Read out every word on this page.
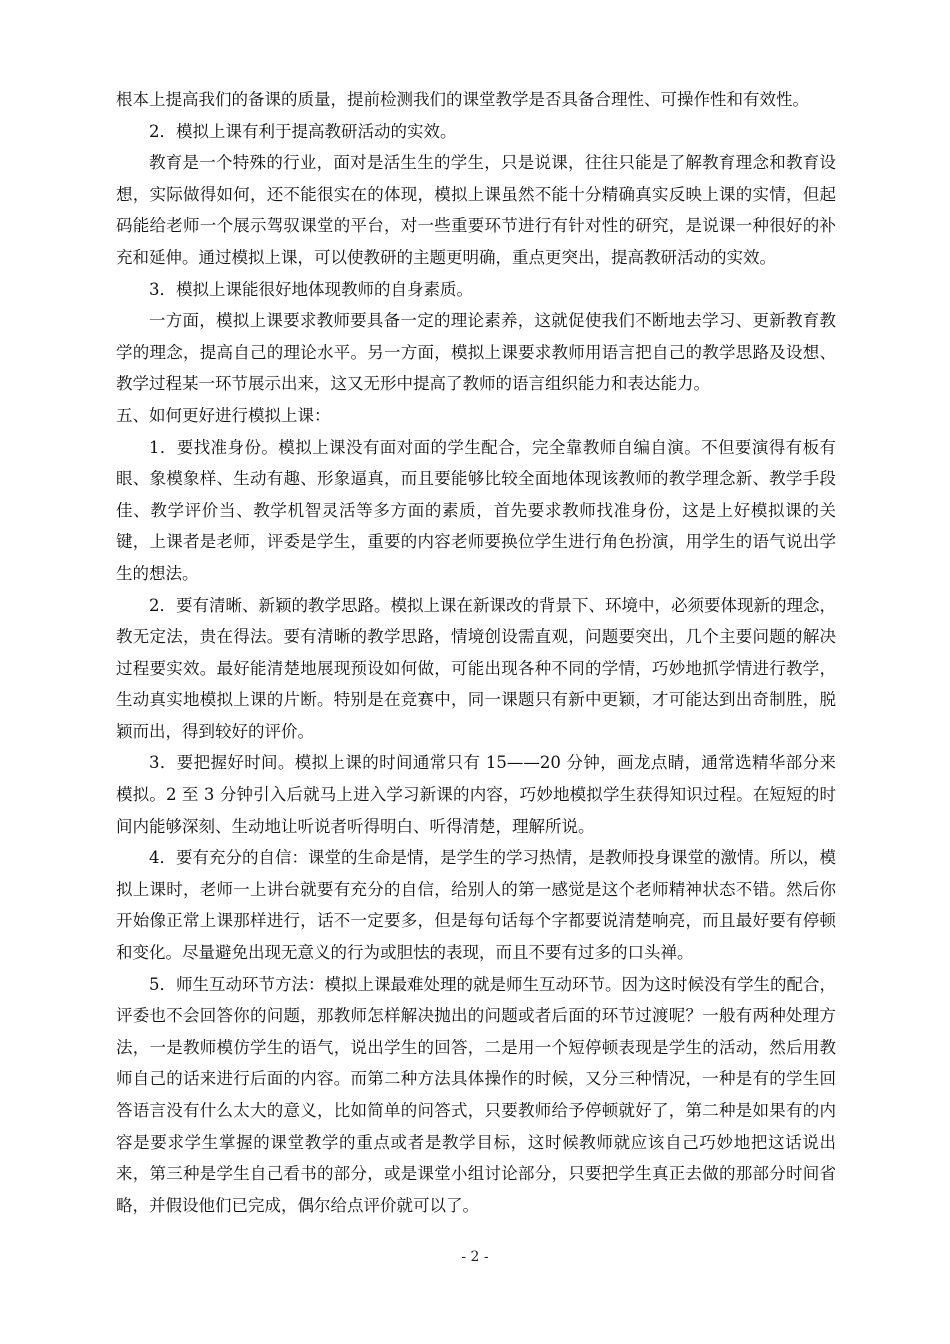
根本上提高我们的备课的质量，提前检测我们的课堂教学是否具备合理性、可操作性和有效性。

2．模拟上课有利于提高教研活动的实效。

教育是一个特殊的行业，面对是活生生的学生，只是说课，往往只能是了解教育理念和教育设想，实际做得如何，还不能很实在的体现，模拟上课虽然不能十分精确真实反映上课的实情，但起码能给老师一个展示驾驭课堂的平台，对一些重要环节进行有针对性的研究，是说课一种很好的补充和延伸。通过模拟上课，可以使教研的主题更明确，重点更突出，提高教研活动的实效。

3．模拟上课能很好地体现教师的自身素质。

一方面，模拟上课要求教师要具备一定的理论素养，这就促使我们不断地去学习、更新教育教学的理念，提高自己的理论水平。另一方面，模拟上课要求教师用语言把自己的教学思路及设想、教学过程某一环节展示出来，这又无形中提高了教师的语言组织能力和表达能力。

五、如何更好进行模拟上课：

1．要找准身份。模拟上课没有面对面的学生配合，完全靠教师自编自演。不但要演得有板有眼、象模象样、生动有趣、形象逼真，而且要能够比较全面地体现该教师的教学理念新、教学手段佳、教学评价当、教学机智灵活等多方面的素质，首先要求教师找准身份，这是上好模拟课的关键，上课者是老师，评委是学生，重要的内容老师要换位学生进行角色扮演，用学生的语气说出学生的想法。

2．要有清晰、新颖的教学思路。模拟上课在新课改的背景下、环境中，必须要体现新的理念，教无定法，贵在得法。要有清晰的教学思路，情境创设需直观，问题要突出，几个主要问题的解决过程要实效。最好能清楚地展现预设如何做，可能出现各种不同的学情，巧妙地抓学情进行教学，生动真实地模拟上课的片断。特别是在竞赛中，同一课题只有新中更颖，才可能达到出奇制胜，脱颖而出，得到较好的评价。

3．要把握好时间。模拟上课的时间通常只有 15——20 分钟，画龙点睛，通常选精华部分来模拟。2 至 3 分钟引入后就马上进入学习新课的内容，巧妙地模拟学生获得知识过程。在短短的时间内能够深刻、生动地让听说者听得明白、听得清楚，理解所说。

4．要有充分的自信：课堂的生命是情，是学生的学习热情，是教师投身课堂的激情。所以，模拟上课时，老师一上讲台就要有充分的自信，给别人的第一感觉是这个老师精神状态不错。然后你开始像正常上课那样进行，话不一定要多，但是每句话每个字都要说清楚响亮，而且最好要有停顿和变化。尽量避免出现无意义的行为或胆怯的表现，而且不要有过多的口头禅。

5．师生互动环节方法：模拟上课最难处理的就是师生互动环节。因为这时候没有学生的配合，评委也不会回答你的问题，那教师怎样解决抛出的问题或者后面的环节过渡呢？一般有两种处理方法，一是教师模仿学生的语气，说出学生的回答，二是用一个短停顿表现是学生的活动，然后用教师自己的话来进行后面的内容。而第二种方法具体操作的时候，又分三种情况，一种是有的学生回答语言没有什么太大的意义，比如简单的问答式，只要教师给予停顿就好了，第二种是如果有的内容是要求学生掌握的课堂教学的重点或者是教学目标，这时候教师就应该自己巧妙地把这话说出来，第三种是学生自己看书的部分，或是课堂小组讨论部分，只要把学生真正去做的那部分时间省略，并假设他们已完成，偶尔给点评价就可以了。

- 2 -
